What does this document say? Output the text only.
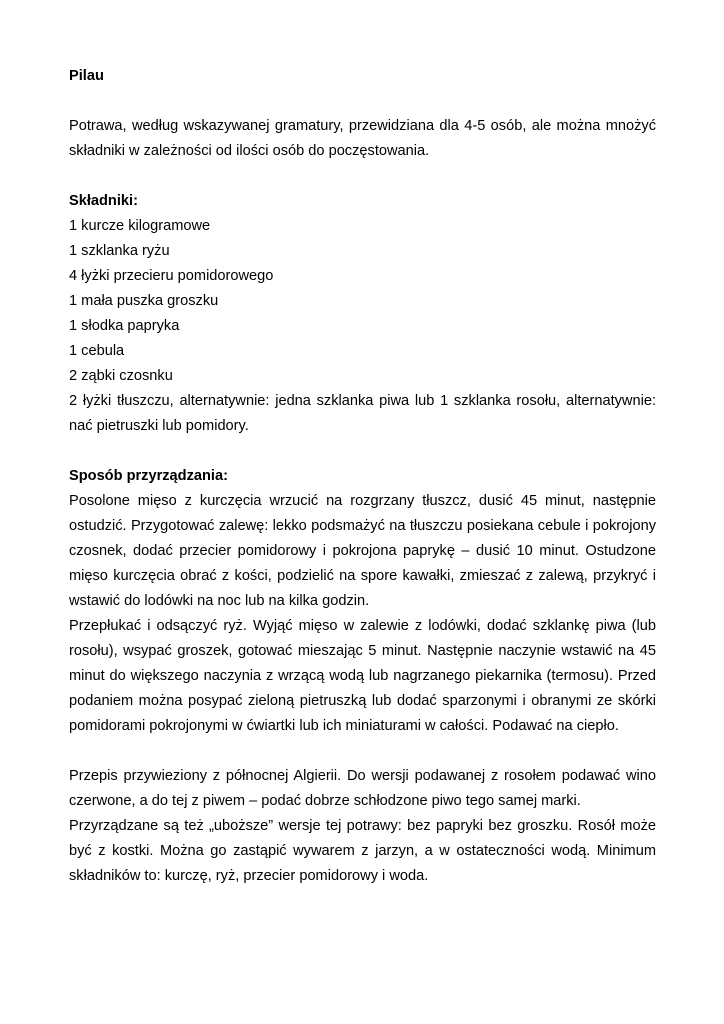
Pilau

Potrawa, według wskazywanej gramatury, przewidziana dla 4-5 osób, ale można mnożyć składniki w zależności od ilości osób do poczęstowania.

Składniki:

1 kurcze kilogramowe

1 szklanka ryżu

4 łyżki przecieru pomidorowego

1 mała puszka groszku

1 słodka papryka

1 cebula

2 ząbki czosnku

2 łyżki tłuszczu, alternatywnie: jedna szklanka piwa lub 1 szklanka rosołu, alternatywnie: nać pietruszki lub pomidory.

Sposób przyrządzania:

Posolone mięso z kurczęcia wrzucić na rozgrzany tłuszcz, dusić 45 minut, następnie ostudzić. Przygotować zalewę: lekko podsmażyć na tłuszczu posiekana cebule i pokrojony czosnek, dodać przecier pomidorowy i pokrojona paprykę – dusić 10 minut. Ostudzone mięso kurczęcia obrać z kości, podzielić na spore kawałki, zmieszać z zalewą, przykryć i wstawić do lodówki na noc lub na kilka godzin.

Przepłukać i odsączyć ryż. Wyjąć mięso w zalewie z lodówki, dodać szklankę piwa (lub rosołu), wsypać groszek, gotować mieszając 5 minut. Następnie naczynie wstawić na 45 minut do większego naczynia z wrzącą wodą lub nagrzanego piekarnika (termosu). Przed podaniem można posypać zieloną pietruszką lub dodać sparzonymi i obranymi ze skórki pomidorami pokrojonymi w ćwiartki lub ich miniaturami w całości. Podawać na ciepło.

Przepis przywieziony z północnej Algierii. Do wersji podawanej z rosołem podawać wino czerwone, a do tej z piwem – podać dobrze schłodzone piwo tego samej marki.

Przyrządzane są też „uboższe” wersje tej potrawy: bez papryki bez groszku. Rosół może być z kostki. Można go zastąpić wywarem z jarzyn, a w ostateczności wodą. Minimum składników to: kurczę, ryż, przecier pomidorowy i woda.
